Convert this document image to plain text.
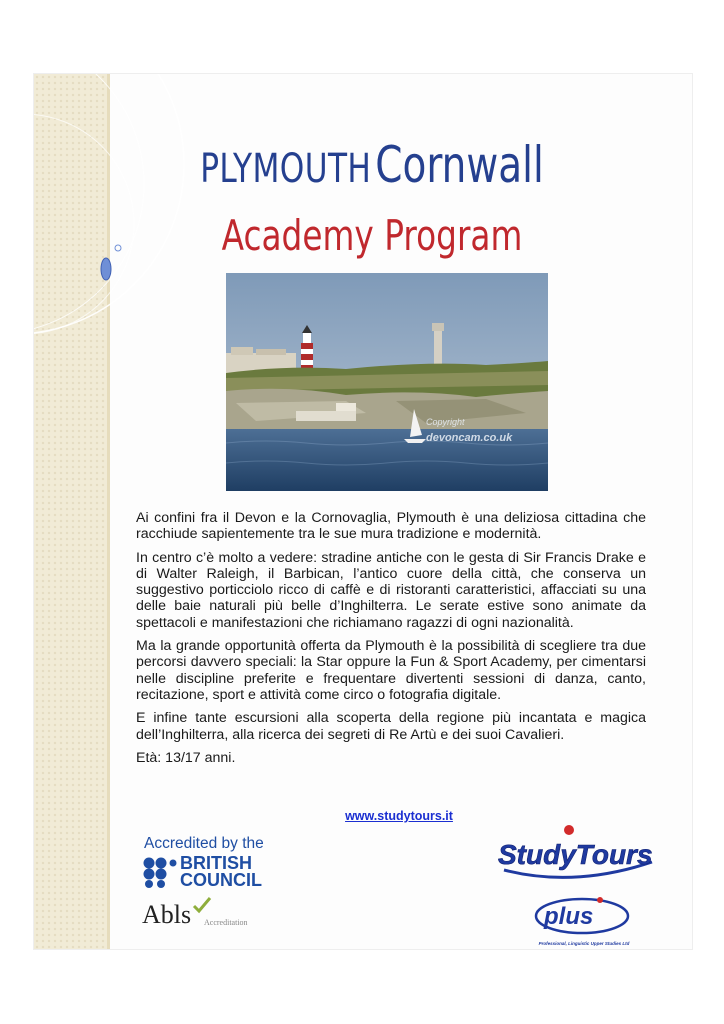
PLYMOUTH Cornwall
Academy Program
Copyright
devoncam.co.uk

Ai confini fra il Devon e la Cornovaglia, Plymouth è una deliziosa cittadina che racchiude sapientemente tra le sue mura tradizione e modernità.

In centro c’è molto a vedere: stradine antiche con le gesta di Sir Francis Drake e di Walter Raleigh, il Barbican, l’antico cuore della città, che conserva un suggestivo porticciolo ricco di caffè e di ristoranti caratteristici, affacciati su una delle baie naturali più belle d’Inghilterra. Le serate estive sono animate da spettacoli e manifestazioni che richiamano ragazzi di ogni nazionalità.

Ma la grande opportunità offerta da Plymouth è la possibilità di scegliere tra due percorsi davvero speciali: la Star oppure la Fun & Sport Academy, per cimentarsi nelle discipline preferite e frequentare divertenti sessioni di danza, canto, recitazione, sport e attività come circo o fotografia digitale.

E infine tante escursioni alla scoperta della regione più incantata e magica dell’Inghilterra, alla ricerca dei segreti di Re Artù e dei suoi Cavalieri.

Età: 13/17 anni.

www.studytours.it
Accredited by the
BRITISH
COUNCIL
Abls Accreditation
StudyTours
plus
Professional, Linguistic Upper Studies Ltd
